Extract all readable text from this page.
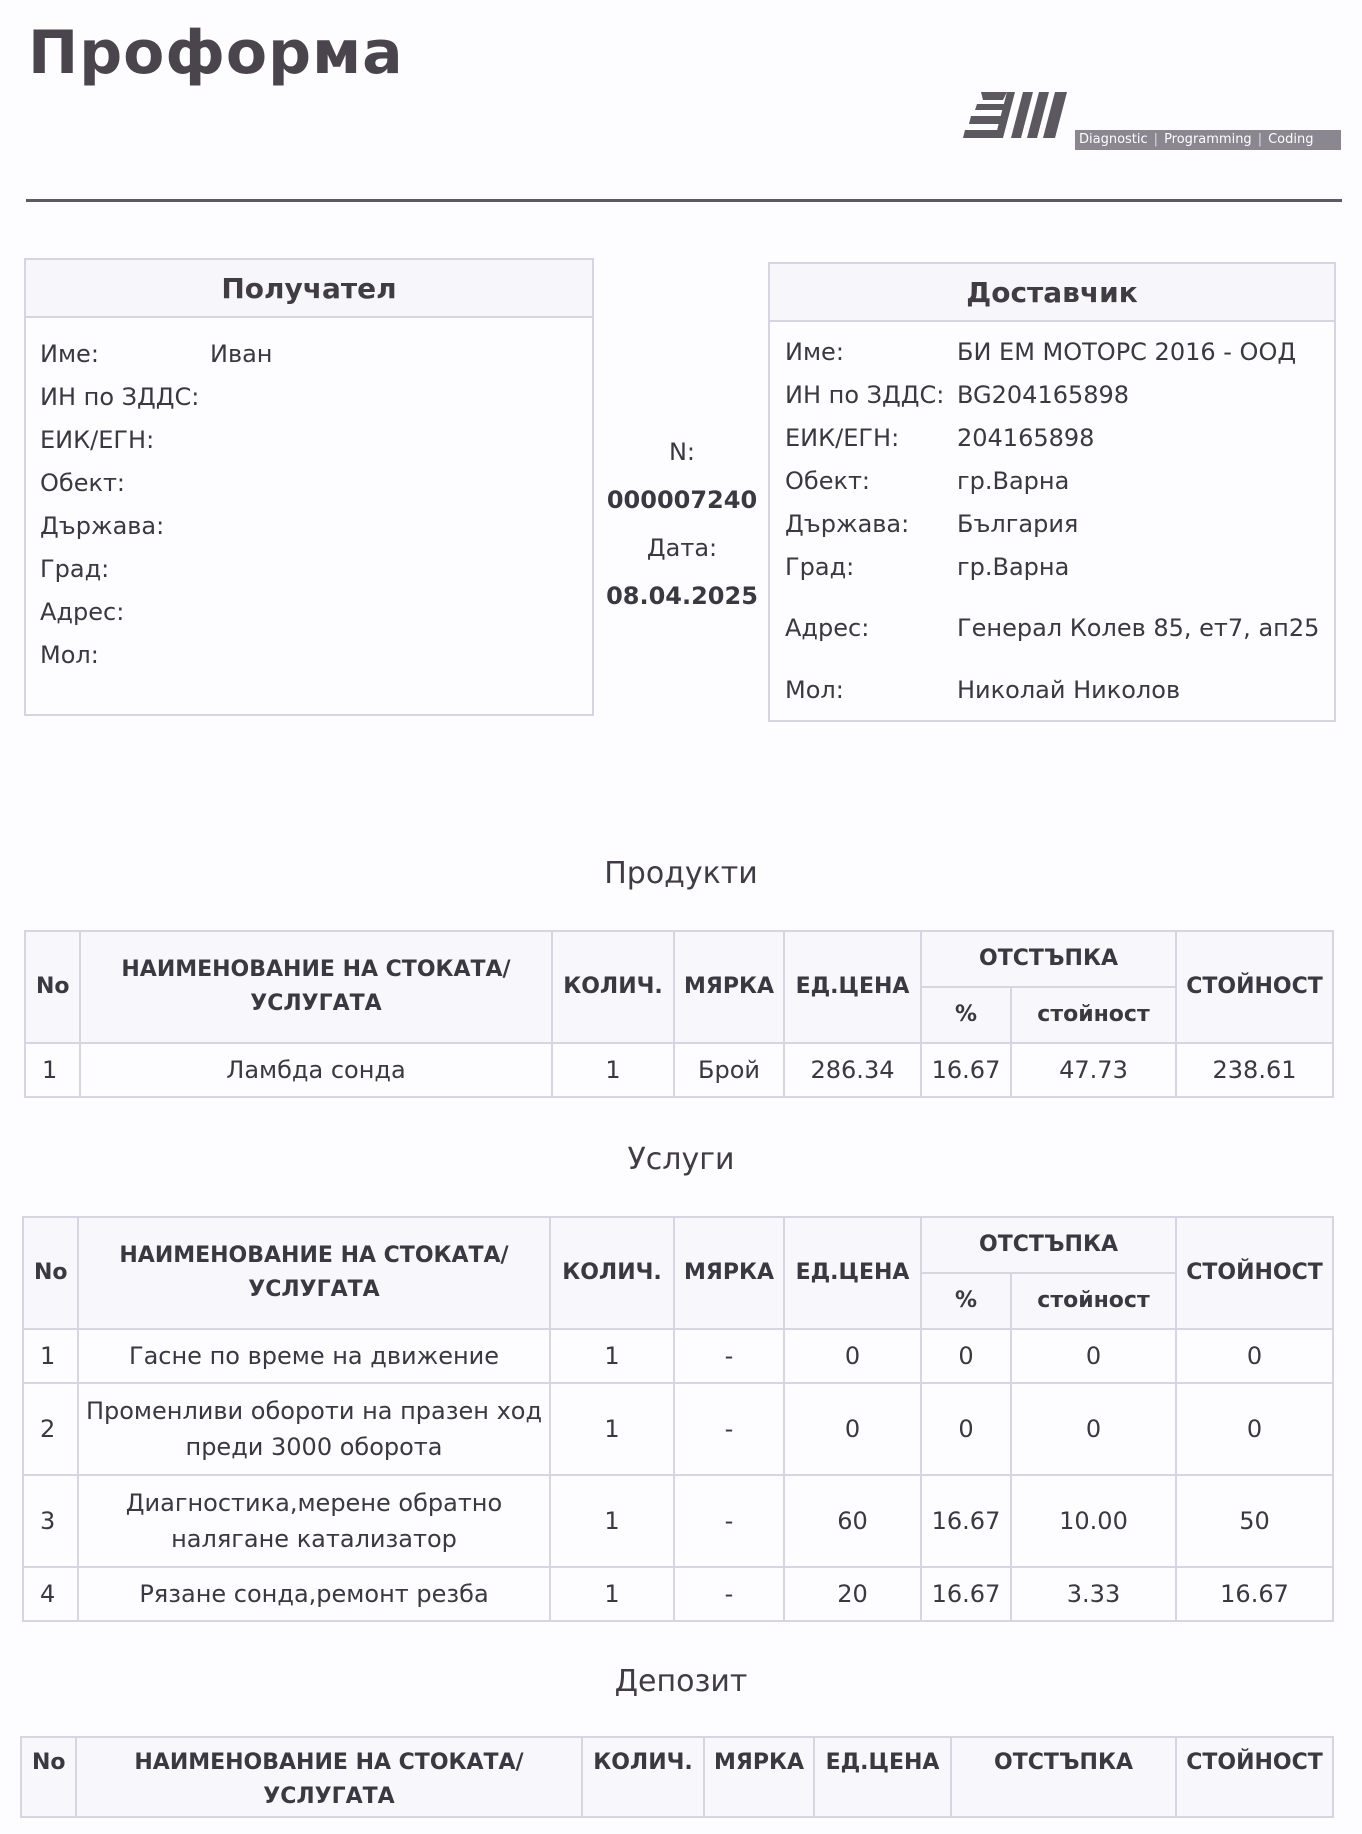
Проформа
Diagnostic | Programming | Coding
Получател
Име:	Иван
ИН по ЗДДС:
ЕИК/ЕГН:
Обект:
Държава:
Град:
Адрес:
Мол:
N:
000007240
Дата:
08.04.2025
Доставчик
Име:	БИ ЕМ МОТОРС 2016 - ООД
ИН по ЗДДС: BG204165898
ЕИК/ЕГН:	204165898
Обект:	гр.Варна
Държава:	България
Град:	гр.Варна
Адрес:	Генерал Колев 85, ет7, ап25
Мол:	Николай Николов
Продукти
No	НАИМЕНОВАНИЕ НА СТОКАТА/УСЛУГАТА	КОЛИЧ.	МЯРКА	ЕД.ЦЕНА	ОТСТЪПКА		СТОЙНОСТ
					%	стойност	
1	Ламбда сонда	1	Брой	286.34	16.67	47.73	238.61
Услуги
No	НАИМЕНОВАНИЕ НА СТОКАТА/УСЛУГАТА	КОЛИЧ.	МЯРКА	ЕД.ЦЕНА	ОТСТЪПКА		СТОЙНОСТ
					%	стойност	
1	Гасне по време на движение	1	-	0	0	0	0
2	Променливи обороти на празен ход преди 3000 оборота	1	-	0	0	0	0
3	Диагностика,мерене обратно налягане катализатор	1	-	60	16.67	10.00	50
4	Рязане сонда,ремонт резба	1	-	20	16.67	3.33	16.67
Депозит
No	НАИМЕНОВАНИЕ НА СТОКАТА/УСЛУГАТА	КОЛИЧ.	МЯРКА	ЕД.ЦЕНА	ОТСТЪПКА	СТОЙНОСТ
